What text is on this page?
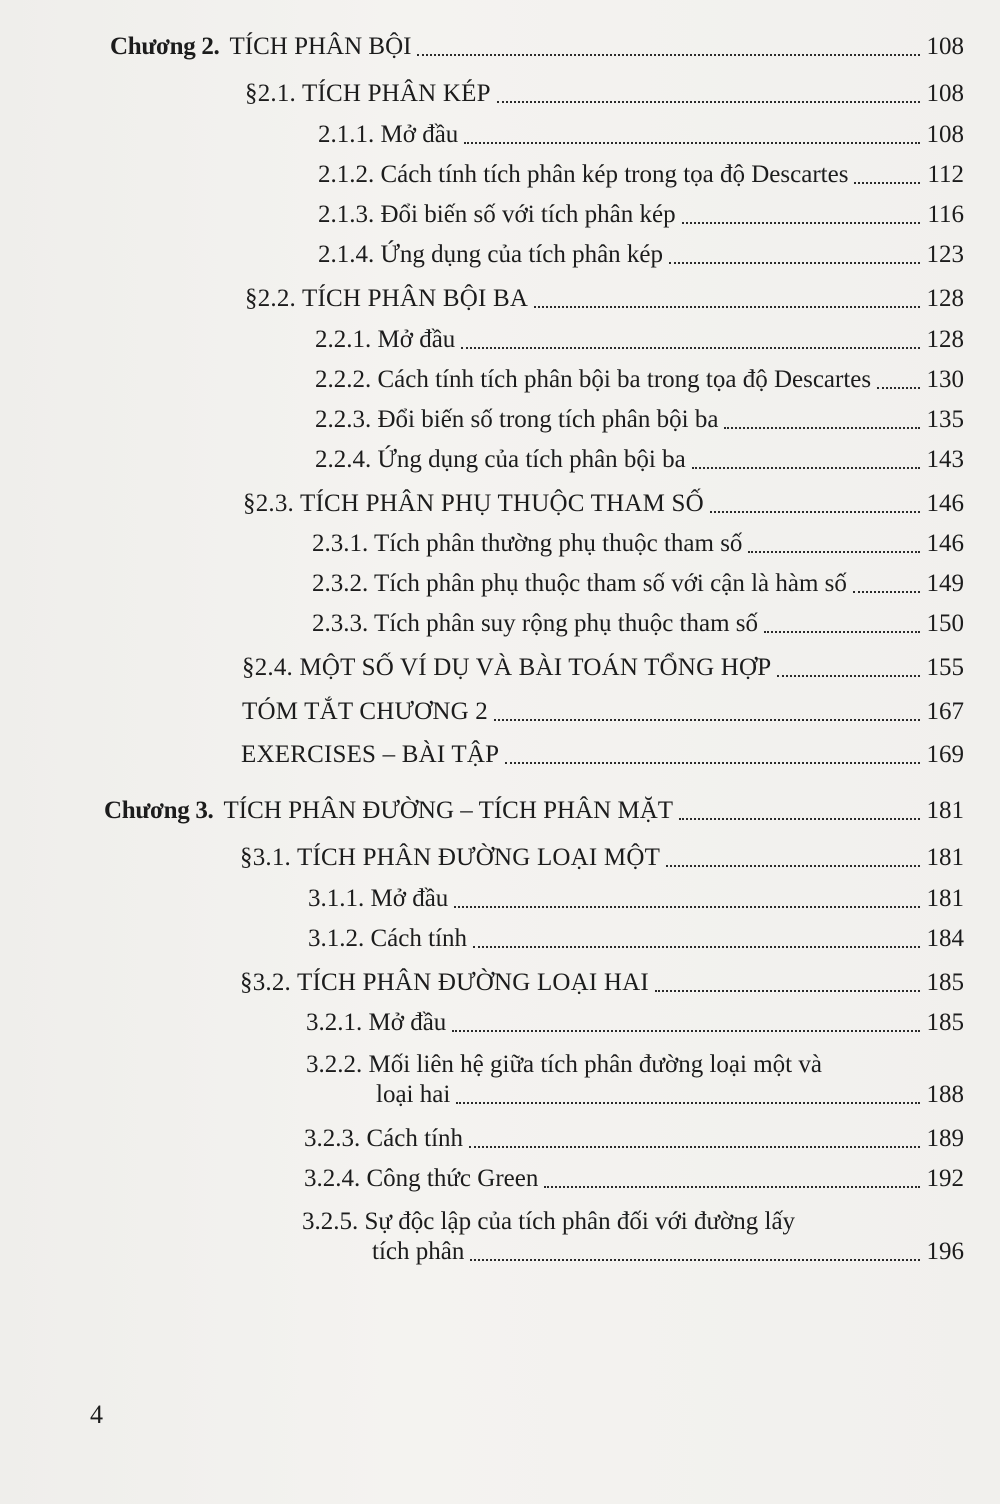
Chương 2. TÍCH PHÂN BỘI	108
§2.1. TÍCH PHÂN KÉP	108
2.1.1. Mở đầu	108
2.1.2. Cách tính tích phân kép trong tọa độ Descartes	112
2.1.3. Đổi biến số với tích phân kép	116
2.1.4. Ứng dụng của tích phân kép	123
§2.2. TÍCH PHÂN BỘI BA	128
2.2.1. Mở đầu	128
2.2.2. Cách tính tích phân bội ba trong tọa độ Descartes 130
2.2.3. Đổi biến số trong tích phân bội ba	135
2.2.4. Ứng dụng của tích phân bội ba	143
§2.3. TÍCH PHÂN PHỤ THUỘC THAM SỐ	146
2.3.1. Tích phân thường phụ thuộc tham số	146
2.3.2. Tích phân phụ thuộc tham số với cận là hàm số	149
2.3.3. Tích phân suy rộng phụ thuộc tham số	150
§2.4. MỘT SỐ VÍ DỤ VÀ BÀI TOÁN TỔNG HỢP	155
TÓM TẮT CHƯƠNG 2	167
EXERCISES – BÀI TẬP	169
Chương 3. TÍCH PHÂN ĐƯỜNG – TÍCH PHÂN MẶT	181
§3.1. TÍCH PHÂN ĐƯỜNG LOẠI MỘT	181
3.1.1. Mở đầu	181
3.1.2. Cách tính	184
§3.2. TÍCH PHÂN ĐƯỜNG LOẠI HAI	185
3.2.1. Mở đầu	185
3.2.2. Mối liên hệ giữa tích phân đường loại một và
loại hai	188
3.2.3. Cách tính	189
3.2.4. Công thức Green	192
3.2.5. Sự độc lập của tích phân đối với đường lấy
tích phân	196
4
